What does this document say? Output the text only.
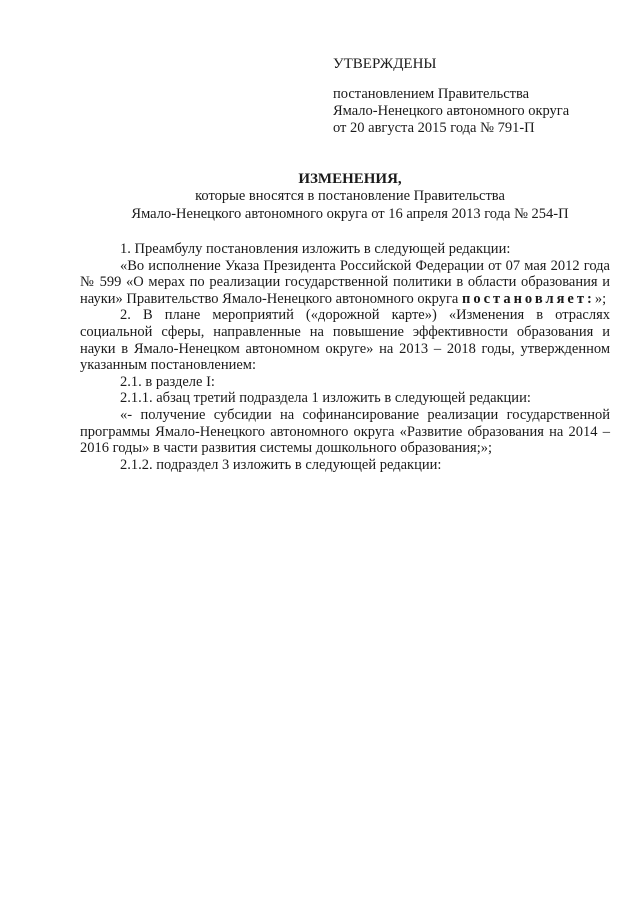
УТВЕРЖДЕНЫ
постановлением Правительства
Ямало-Ненецкого автономного округа
от 20 августа 2015 года № 791-П
ИЗМЕНЕНИЯ,
которые вносятся в постановление Правительства
Ямало-Ненецкого автономного округа от 16 апреля 2013 года № 254-П

1. Преамбулу постановления изложить в следующей редакции:

«Во исполнение Указа Президента Российской Федерации от 07 мая 2012 года № 599 «О мерах по реализации государственной политики в области образования и науки» Правительство Ямало-Ненецкого автономного округа постановляет:»;

2. В плане мероприятий («дорожной карте») «Изменения в отраслях социальной сферы, направленные на повышение эффективности образования и науки в Ямало-Ненецком автономном округе» на 2013 – 2018 годы, утвержденном указанным постановлением:

2.1. в разделе I:

2.1.1. абзац третий подраздела 1 изложить в следующей редакции:

«- получение субсидии на софинансирование реализации государственной программы Ямало-Ненецкого автономного округа «Развитие образования на 2014 – 2016 годы» в части развития системы дошкольного образования;»;

2.1.2. подраздел 3 изложить в следующей редакции:
